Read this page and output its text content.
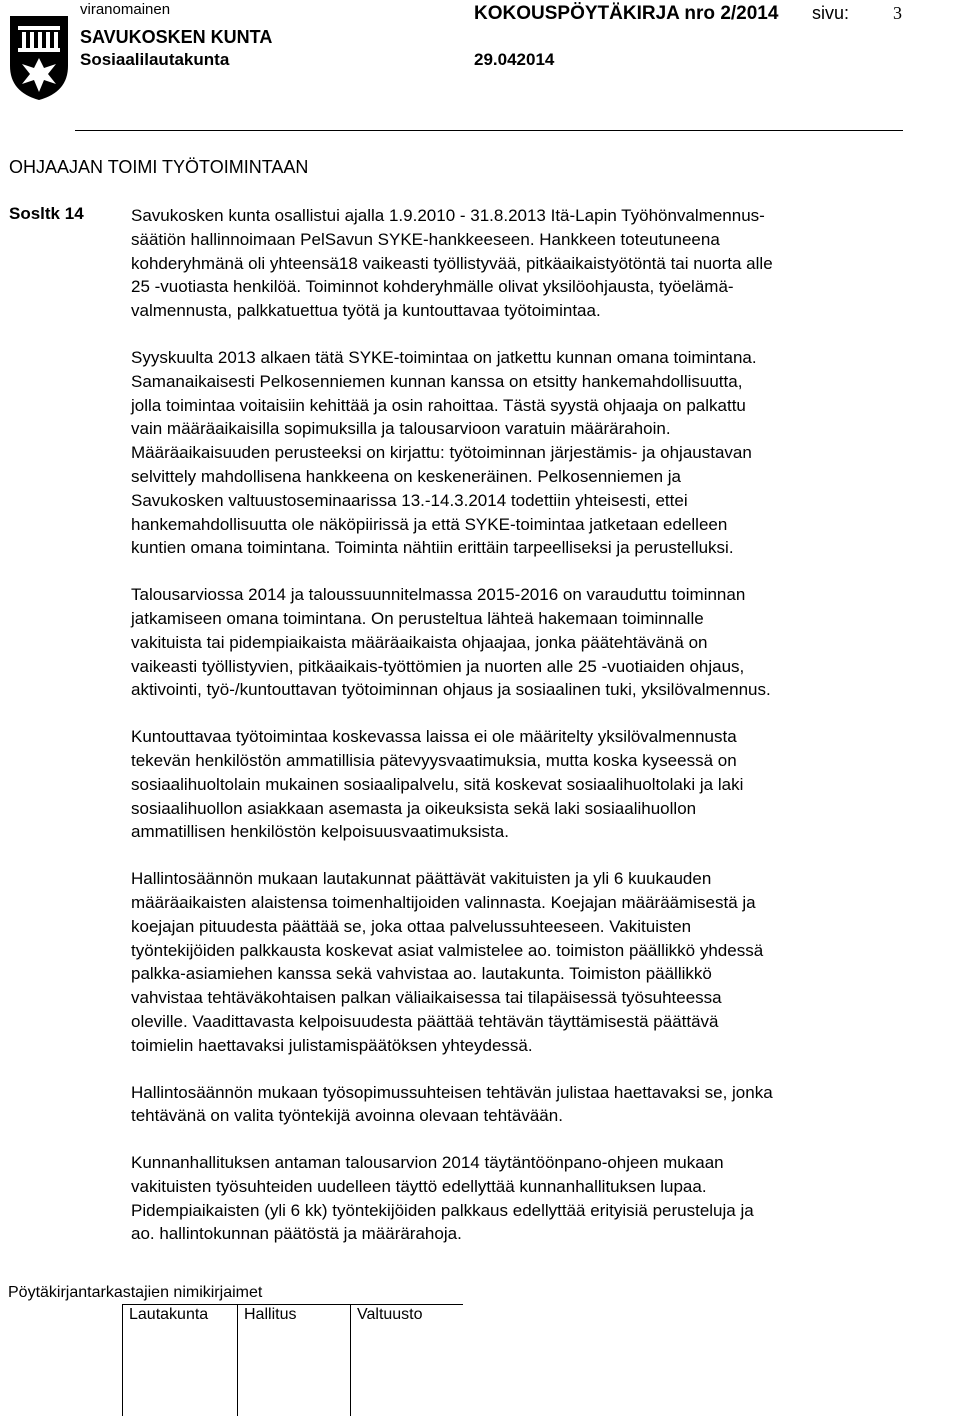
viranomainen
SAVUKOSKEN KUNTA
Sosiaalilautakunta
KOKOUSPÖYTÄKIRJA nro 2/2014 sivu: 3
29.042014
OHJAAJAN TOIMI TYÖTOIMINTAAN
Sosltk 14	Savukosken kunta osallistui ajalla 1.9.2010 - 31.8.2013 Itä-Lapin Työhönvalmennus-
säätiön hallinnoimaan PelSavun SYKE-hankkeeseen. Hankkeen toteutuneena
kohderyhmänä oli yhteensä18 vaikeasti työllistyvää, pitkäaikaistyötöntä tai nuorta alle
25 -vuotiasta henkilöä. Toiminnot kohderyhmälle olivat yksilöohjausta, työelämä-
valmennusta, palkkatuettua työtä ja kuntouttavaa työtoimintaa.

Syyskuulta 2013 alkaen tätä SYKE-toimintaa on jatkettu kunnan omana toimintana.
Samanaikaisesti Pelkosenniemen kunnan kanssa on etsitty hankemahdollisuutta,
jolla toimintaa voitaisiin kehittää ja osin rahoittaa. Tästä syystä ohjaaja on palkattu
vain määräaikaisilla sopimuksilla ja talousarvioon varatuin määrärahoin.
Määräaikaisuuden perusteeksi on kirjattu: työtoiminnan järjestämis- ja ohjaustavan
selvittely mahdollisena hankkeena on keskeneräinen. Pelkosenniemen ja
Savukosken valtuustoseminaarissa 13.-14.3.2014 todettiin yhteisesti, ettei
hankemahdollisuutta ole näköpiirissä ja että SYKE-toimintaa jatketaan edelleen
kuntien omana toimintana. Toiminta nähtiin erittäin tarpeelliseksi ja perustelluksi.

Talousarviossa 2014 ja taloussuunnitelmassa 2015-2016 on varauduttu toiminnan
jatkamiseen omana toimintana. On perusteltua lähteä hakemaan toiminnalle
vakituista tai pidempiaikaista määräaikaista ohjaajaa, jonka päätehtävänä on
vaikeasti työllistyvien, pitkäaikais-työttömien ja nuorten alle 25 -vuotiaiden ohjaus,
aktivointi, työ-/kuntouttavan työtoiminnan ohjaus ja sosiaalinen tuki, yksilövalmennus.

Kuntouttavaa työtoimintaa koskevassa laissa ei ole määritelty yksilövalmennusta
tekevän henkilöstön ammatillisia pätevyysvaatimuksia, mutta koska kyseessä on
sosiaalihuoltolain mukainen sosiaalipalvelu, sitä koskevat sosiaalihuoltolaki ja laki
sosiaalihuollon asiakkaan asemasta ja oikeuksista sekä laki sosiaalihuollon
ammatillisen henkilöstön kelpoisuusvaatimuksista.

Hallintosäännön mukaan lautakunnat päättävät vakituisten ja yli 6 kuukauden
määräaikaisten alaistensa toimenhaltijoiden valinnasta. Koejajan määräämisestä ja
koejajan pituudesta päättää se, joka ottaa palvelussuhteeseen. Vakituisten
työntekijöiden palkkausta koskevat asiat valmistelee ao. toimiston päällikkö yhdessä
palkka-asiamiehen kanssa sekä vahvistaa ao. lautakunta. Toimiston päällikkö
vahvistaa tehtäväkohtaisen palkan väliaikaisessa tai tilapäisessä työsuhteessa
oleville. Vaadittavasta kelpoisuudesta päättää tehtävän täyttämisestä päättävä
toimielin haettavaksi julistamispäätöksen yhteydessä.

Hallintosäännön mukaan työsopimussuhteisen tehtävän julistaa haettavaksi se, jonka
tehtävänä on valita työntekijä avoinna olevaan tehtävään.

Kunnanhallituksen antaman talousarvion 2014 täytäntöönpano-ohjeen mukaan
vakituisten työsuhteiden uudelleen täyttö edellyttää kunnanhallituksen lupaa.
Pidempiaikaisten (yli 6 kk) työntekijöiden palkkaus edellyttää erityisiä perusteluja ja
ao. hallintokunnan päätöstä ja määrärahoja.

Pöytäkirjantarkastajien nimikirjaimet
Lautakunta	Hallitus	Valtuusto
